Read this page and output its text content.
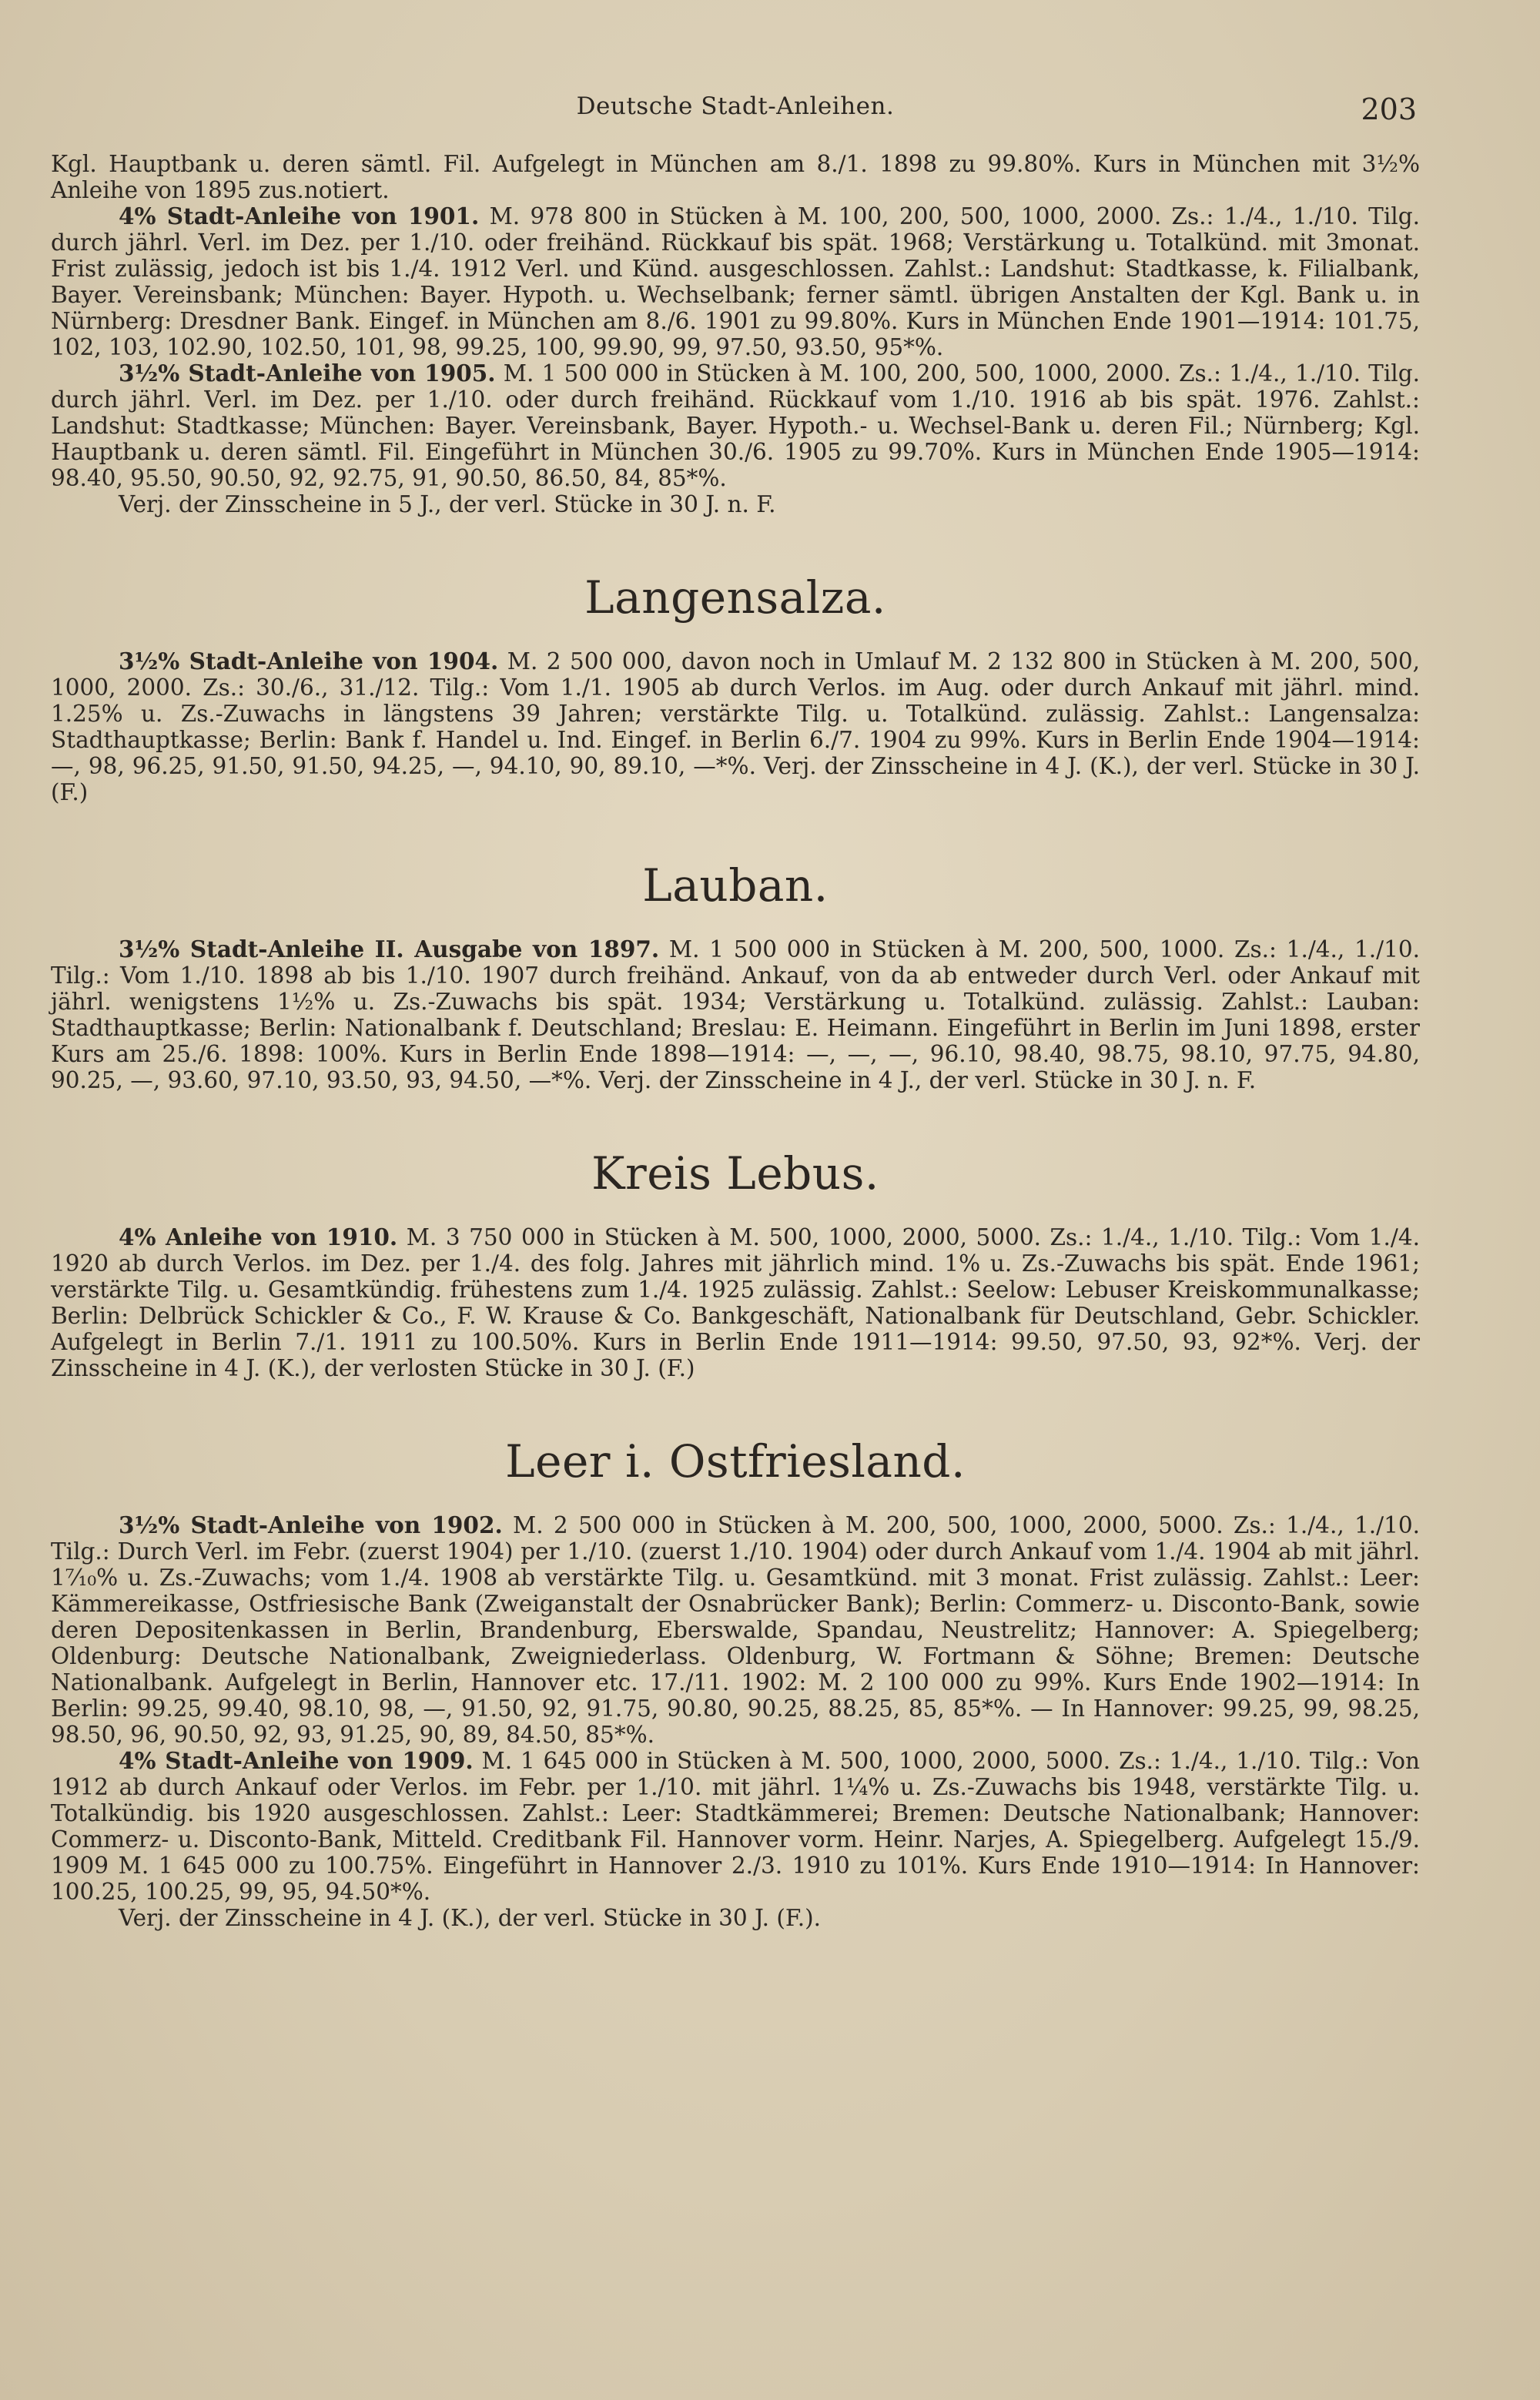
Deutsche Stadt-Anleihen.	203

Kgl. Hauptbank u. deren sämtl. Fil. Aufgelegt in München am 8./1. 1898 zu 99.80%. Kurs in München mit 3½% Anleihe von 1895 zus.notiert.

4% Stadt-Anleihe von 1901. M. 978 800 in Stücken à M. 100, 200, 500, 1000, 2000. Zs.: 1./4., 1./10. Tilg. durch jährl. Verl. im Dez. per 1./10. oder freihänd. Rückkauf bis spät. 1968; Verstärkung u. Totalkünd. mit 3monat. Frist zulässig, jedoch ist bis 1./4. 1912 Verl. und Künd. ausgeschlossen. Zahlst.: Landshut: Stadtkasse, k. Filialbank, Bayer. Vereinsbank; München: Bayer. Hypoth. u. Wechselbank; ferner sämtl. übrigen Anstalten der Kgl. Bank u. in Nürnberg: Dresdner Bank. Eingef. in München am 8./6. 1901 zu 99.80%. Kurs in München Ende 1901—1914: 101.75, 102, 103, 102.90, 102.50, 101, 98, 99.25, 100, 99.90, 99, 97.50, 93.50, 95*%.

3½% Stadt-Anleihe von 1905. M. 1 500 000 in Stücken à M. 100, 200, 500, 1000, 2000. Zs.: 1./4., 1./10. Tilg. durch jährl. Verl. im Dez. per 1./10. oder durch freihänd. Rückkauf vom 1./10. 1916 ab bis spät. 1976. Zahlst.: Landshut: Stadtkasse; München: Bayer. Vereinsbank, Bayer. Hypoth.- u. Wechsel-Bank u. deren Fil.; Nürnberg; Kgl. Hauptbank u. deren sämtl. Fil. Eingeführt in München 30./6. 1905 zu 99.70%. Kurs in München Ende 1905—1914: 98.40, 95.50, 90.50, 92, 92.75, 91, 90.50, 86.50, 84, 85*%.

Verj. der Zinsscheine in 5 J., der verl. Stücke in 30 J. n. F.

Langensalza.

3½% Stadt-Anleihe von 1904. M. 2 500 000, davon noch in Umlauf M. 2 132 800 in Stücken à M. 200, 500, 1000, 2000. Zs.: 30./6., 31./12. Tilg.: Vom 1./1. 1905 ab durch Verlos. im Aug. oder durch Ankauf mit jährl. mind. 1.25% u. Zs.-Zuwachs in längstens 39 Jahren; verstärkte Tilg. u. Totalkünd. zulässig. Zahlst.: Langensalza: Stadthauptkasse; Berlin: Bank f. Handel u. Ind. Eingef. in Berlin 6./7. 1904 zu 99%. Kurs in Berlin Ende 1904—1914: —, 98, 96.25, 91.50, 91.50, 94.25, —, 94.10, 90, 89.10, —*%. Verj. der Zinsscheine in 4 J. (K.), der verl. Stücke in 30 J. (F.)

Lauban.

3½% Stadt-Anleihe II. Ausgabe von 1897. M. 1 500 000 in Stücken à M. 200, 500, 1000. Zs.: 1./4., 1./10. Tilg.: Vom 1./10. 1898 ab bis 1./10. 1907 durch freihänd. Ankauf, von da ab entweder durch Verl. oder Ankauf mit jährl. wenigstens 1½% u. Zs.-Zuwachs bis spät. 1934; Verstärkung u. Totalkünd. zulässig. Zahlst.: Lauban: Stadthauptkasse; Berlin: Nationalbank f. Deutschland; Breslau: E. Heimann. Eingeführt in Berlin im Juni 1898, erster Kurs am 25./6. 1898: 100%. Kurs in Berlin Ende 1898—1914: —, —, —, 96.10, 98.40, 98.75, 98.10, 97.75, 94.80, 90.25, —, 93.60, 97.10, 93.50, 93, 94.50, —*%. Verj. der Zinsscheine in 4 J., der verl. Stücke in 30 J. n. F.

Kreis Lebus.

4% Anleihe von 1910. M. 3 750 000 in Stücken à M. 500, 1000, 2000, 5000. Zs.: 1./4., 1./10. Tilg.: Vom 1./4. 1920 ab durch Verlos. im Dez. per 1./4. des folg. Jahres mit jährlich mind. 1% u. Zs.-Zuwachs bis spät. Ende 1961; verstärkte Tilg. u. Gesamtkündig. frühestens zum 1./4. 1925 zulässig. Zahlst.: Seelow: Lebuser Kreiskommunalkasse; Berlin: Delbrück Schickler & Co., F. W. Krause & Co. Bankgeschäft, Nationalbank für Deutschland, Gebr. Schickler. Aufgelegt in Berlin 7./1. 1911 zu 100.50%. Kurs in Berlin Ende 1911—1914: 99.50, 97.50, 93, 92*%. Verj. der Zinsscheine in 4 J. (K.), der verlosten Stücke in 30 J. (F.)

Leer i. Ostfriesland.

3½% Stadt-Anleihe von 1902. M. 2 500 000 in Stücken à M. 200, 500, 1000, 2000, 5000. Zs.: 1./4., 1./10. Tilg.: Durch Verl. im Febr. (zuerst 1904) per 1./10. (zuerst 1./10. 1904) oder durch Ankauf vom 1./4. 1904 ab mit jährl. 1⁷⁄₁₀% u. Zs.-Zuwachs; vom 1./4. 1908 ab verstärkte Tilg. u. Gesamtkünd. mit 3 monat. Frist zulässig. Zahlst.: Leer: Kämmereikasse, Ostfriesische Bank (Zweiganstalt der Osnabrücker Bank); Berlin: Commerz- u. Disconto-Bank, sowie deren Depositenkassen in Berlin, Brandenburg, Eberswalde, Spandau, Neustrelitz; Hannover: A. Spiegelberg; Oldenburg: Deutsche Nationalbank, Zweigniederlass. Oldenburg, W. Fortmann & Söhne; Bremen: Deutsche Nationalbank. Aufgelegt in Berlin, Hannover etc. 17./11. 1902: M. 2 100 000 zu 99%. Kurs Ende 1902—1914: In Berlin: 99.25, 99.40, 98.10, 98, —, 91.50, 92, 91.75, 90.80, 90.25, 88.25, 85, 85*%. — In Hannover: 99.25, 99, 98.25, 98.50, 96, 90.50, 92, 93, 91.25, 90, 89, 84.50, 85*%.

4% Stadt-Anleihe von 1909. M. 1 645 000 in Stücken à M. 500, 1000, 2000, 5000. Zs.: 1./4., 1./10. Tilg.: Von 1912 ab durch Ankauf oder Verlos. im Febr. per 1./10. mit jährl. 1¼% u. Zs.-Zuwachs bis 1948, verstärkte Tilg. u. Totalkündig. bis 1920 ausgeschlossen. Zahlst.: Leer: Stadtkämmerei; Bremen: Deutsche Nationalbank; Hannover: Commerz- u. Disconto-Bank, Mitteld. Creditbank Fil. Hannover vorm. Heinr. Narjes, A. Spiegelberg. Aufgelegt 15./9. 1909 M. 1 645 000 zu 100.75%. Eingeführt in Hannover 2./3. 1910 zu 101%. Kurs Ende 1910—1914: In Hannover: 100.25, 100.25, 99, 95, 94.50*%.

Verj. der Zinsscheine in 4 J. (K.), der verl. Stücke in 30 J. (F.).
